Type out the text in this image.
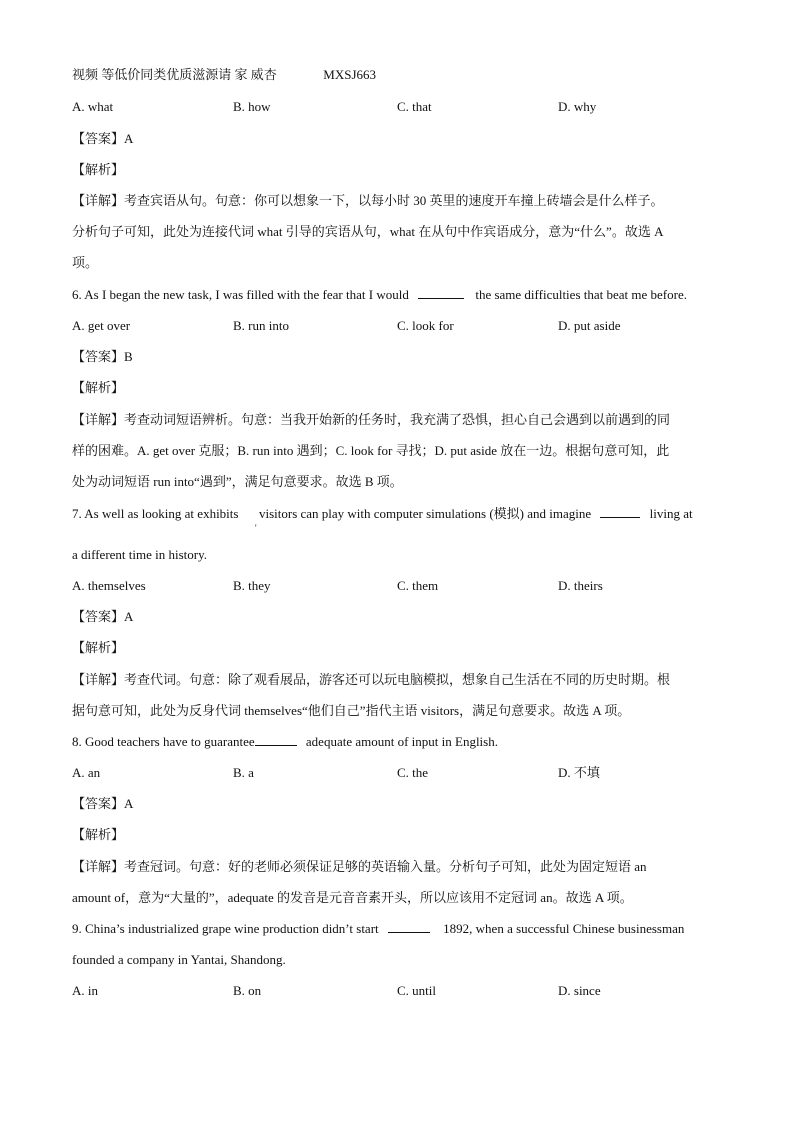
视频 等低价同类优质滋源请 家 威杏	MXSJ663
A. what	B. how	C. that	D. why
【答案】A
【解析】
【详解】考查宾语从句。句意：你可以想象一下，以每小时 30 英里的速度开车撞上砖墙会是什么样子。
分析句子可知，此处为连接代词 what 引导的宾语从句，what 在从句中作宾语成分，意为“什么”。故选 A
项。
6. As I began the new task, I was filled with the fear that I would	the same difficulties that beat me before.
A. get over	B. run into	C. look for	D. put aside
【答案】B
【解析】
【详解】考查动词短语辨析。句意：当我开始新的任务时，我充满了恐惧，担心自己会遇到以前遇到的同
样的困难。A. get over 克服；B. run into 遇到；C. look for 寻找；D. put aside 放在一边。根据句意可知，此
处为动词短语 run into“遇到”，满足句意要求。故选 B 项。
7. As well as looking at exhibits visitors can play with computer simulations (模拟) and imagine	living at
'
a different time in history.
A. themselves	B. they	C. them	D. theirs
【答案】A
【解析】
【详解】考查代词。句意：除了观看展品，游客还可以玩电脑模拟，想象自己生活在不同的历史时期。根
据句意可知，此处为反身代词 themselves“他们自己”指代主语 visitors，满足句意要求。故选 A 项。
8. Good teachers have to guarantee	adequate amount of input in English.
A. an	B. a	C. the	D. 不填
【答案】A
【解析】
【详解】考查冠词。句意：好的老师必须保证足够的英语输入量。分析句子可知，此处为固定短语 an
amount of，意为“大量的”，adequate 的发音是元音音素开头，所以应该用不定冠词 an。故选 A 项。
9. China’s industrialized grape wine production didn’t start	1892, when a successful Chinese businessman
founded a company in Yantai, Shandong.
A. in	B. on	C. until	D. since
